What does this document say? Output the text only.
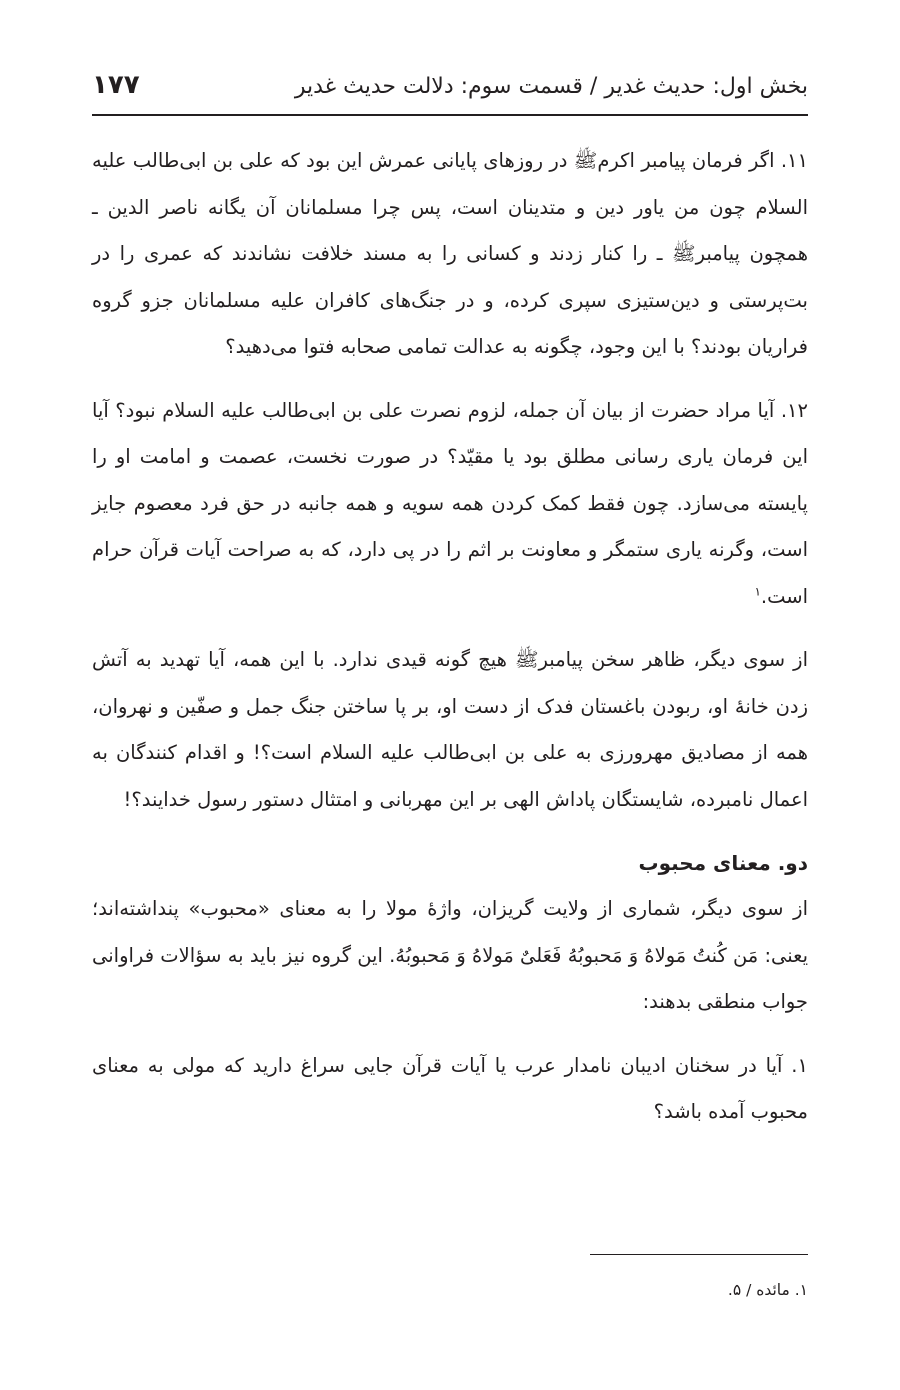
بخش اول: حدیث غدیر / قسمت سوم: دلالت حدیث غدیر
۱۷۷

۱۱. اگر فرمان پیامبر اکرمﷺ در روزهای پایانی عمرش این بود که علی بن ابی‌طالب علیه السلام چون من یاور دین و متدینان است، پس چرا مسلمانان آن یگانه ناصر الدین ـ همچون پیامبرﷺ ـ را کنار زدند و کسانی را به مسند خلافت نشاندند که عمری را در بت‌پرستی و دین‌ستیزی سپری کرده، و در جنگ‌های کافران علیه مسلمانان جزو گروه فراریان بودند؟ با این وجود، چگونه به عدالت تمامی صحابه فتوا می‌دهید؟

۱۲. آیا مراد حضرت از بیان آن جمله، لزوم نصرت علی بن ابی‌طالب علیه السلام نبود؟ آیا این فرمان یاری رسانی مطلق بود یا مقیّد؟ در صورت نخست، عصمت و امامت او را پایسته می‌سازد. چون فقط کمک کردن همه سویه و همه جانبه در حق فرد معصوم جایز است، وگرنه یاری ستمگر و معاونت بر اثم را در پی دارد، که به صراحت آیات قرآن حرام است.$^۱$

از سوی دیگر، ظاهر سخن پیامبرﷺ هیچ گونه قیدی ندارد. با این همه، آیا تهدید به آتش زدن خانهٔ او، ربودن باغستان فدک از دست او، بر پا ساختن جنگ جمل و صفّین و نهروان، همه از مصادیق مهرورزی به علی بن ابی‌طالب علیه السلام است؟! و اقدام کنندگان به اعمال نامبرده، شایستگان پاداش الهی بر این مهربانی و امتثال دستور رسول خدایند؟!

دو. معنای محبوب

از سوی دیگر، شماری از ولایت گریزان، واژهٔ مولا را به معنای «محبوب» پنداشته‌اند؛ یعنی: مَن کُنتُ مَولاهُ وَ مَحبوبُهُ فَعَلیٌ مَولاهُ وَ مَحبوبُهُ. این گروه نیز باید به سؤالات فراوانی جواب منطقی بدهند:

۱. آیا در سخنان ادیبان نامدار عرب یا آیات قرآن جایی سراغ دارید که مولی به معنای محبوب آمده باشد؟

۱. مائده / ۵.
